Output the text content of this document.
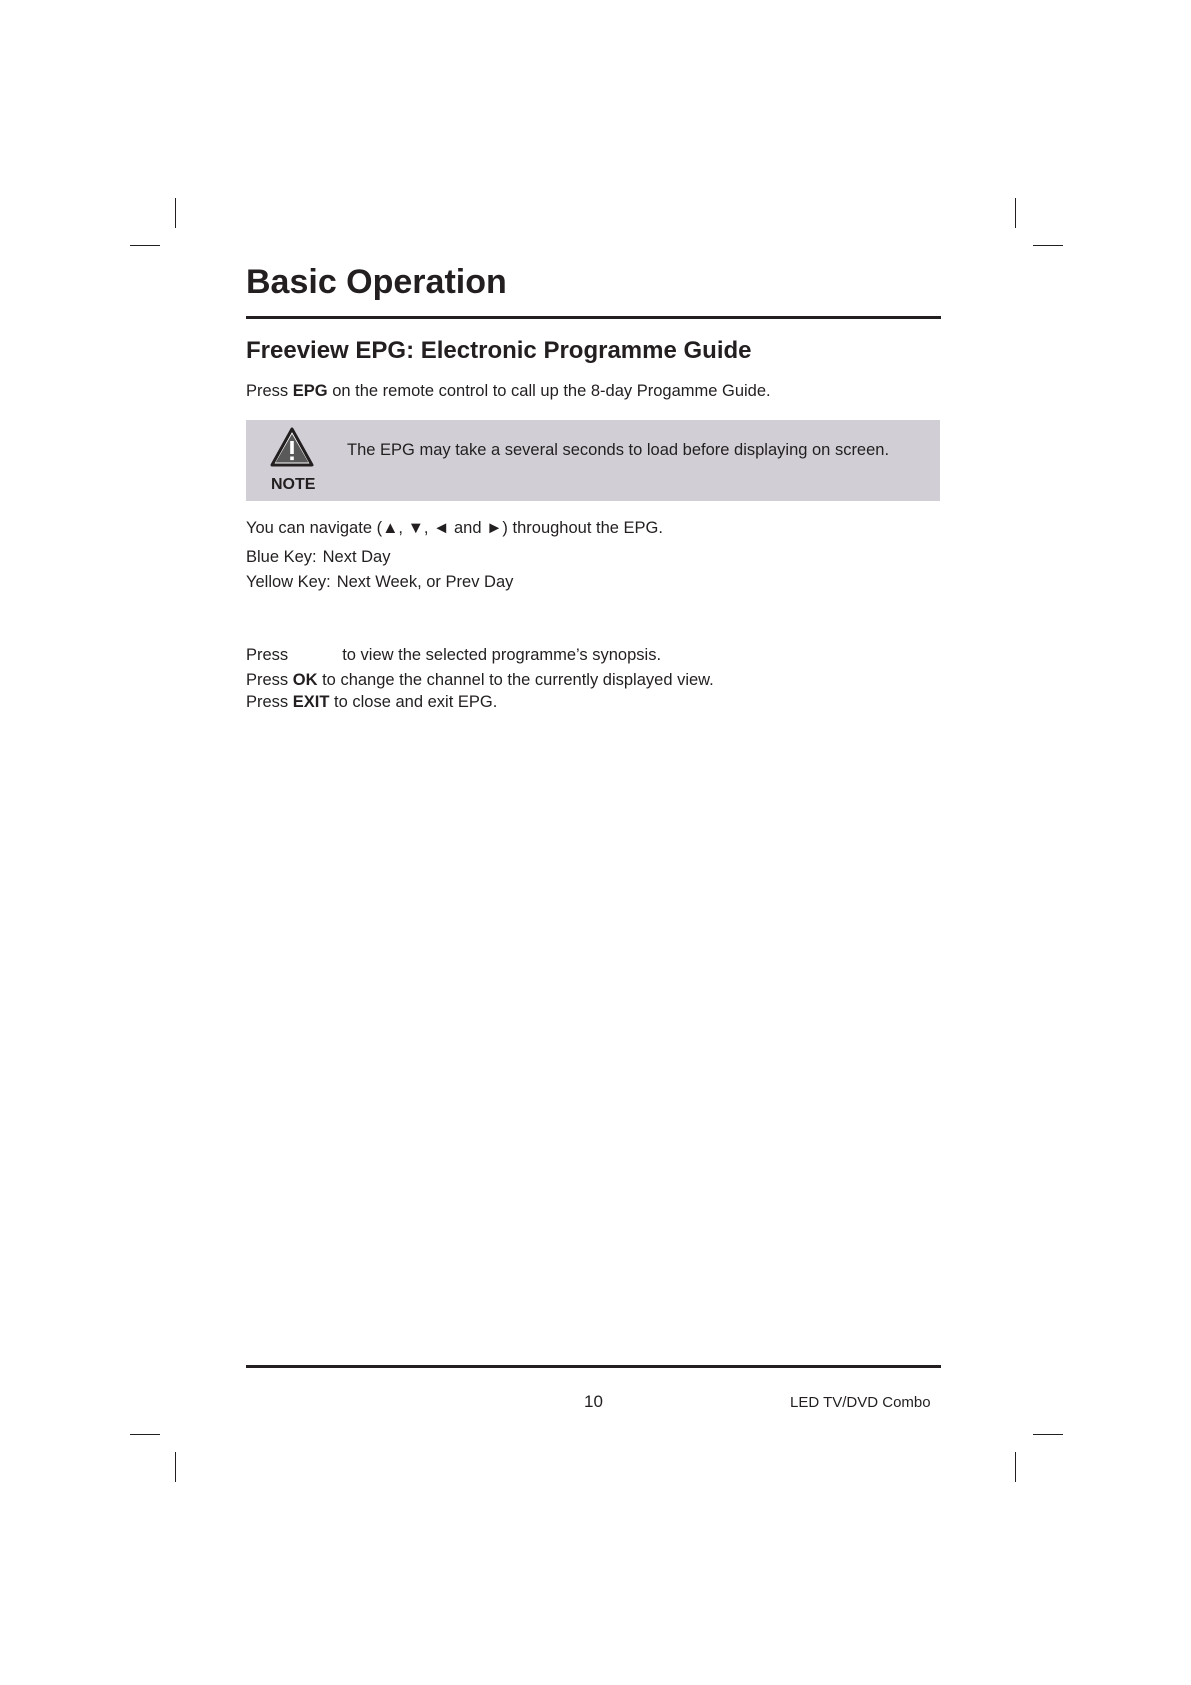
Basic Operation
Freeview EPG: Electronic Programme Guide

Press EPG on the remote control to call up the 8-day Progamme Guide.

NOTE
The EPG may take a several seconds to load before displaying on screen.

You can navigate (▲, ▼, ◄ and ►) throughout the EPG.

Blue Key: Next Day

Yellow Key: Next Week, or Prev Day

Press	to view the selected programme’s synopsis.

Press OK to change the channel to the currently displayed view.

Press EXIT to close and exit EPG.

10	LED TV/DVD Combo
